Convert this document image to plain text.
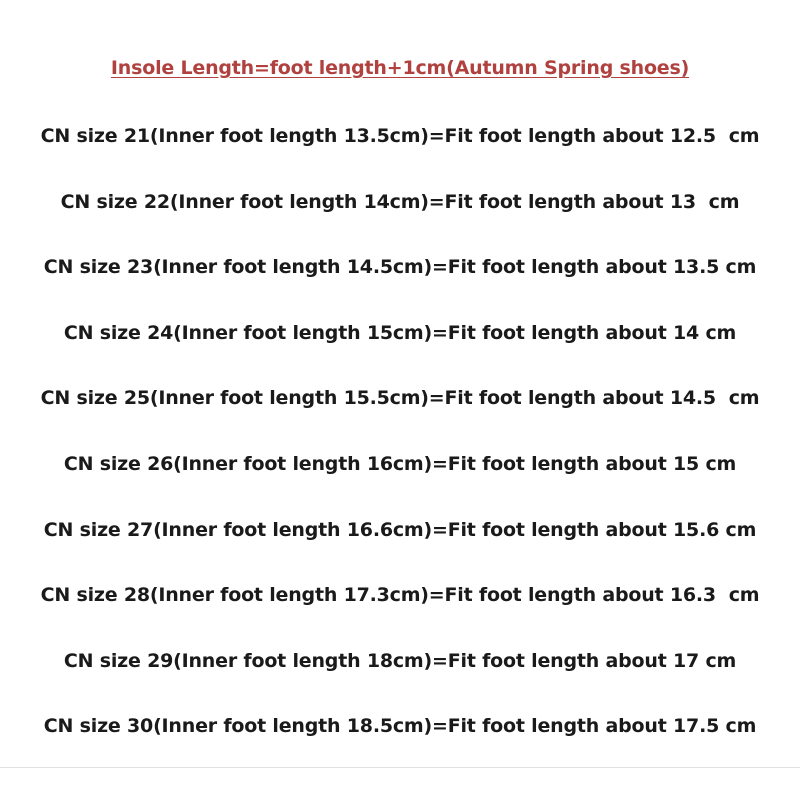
Insole Length=foot length+1cm(Autumn Spring shoes)
CN size 21(Inner foot length 13.5cm)=Fit foot length about 12.5  cm
CN size 22(Inner foot length 14cm)=Fit foot length about 13  cm
CN size 23(Inner foot length 14.5cm)=Fit foot length about 13.5 cm
CN size 24(Inner foot length 15cm)=Fit foot length about 14 cm
CN size 25(Inner foot length 15.5cm)=Fit foot length about 14.5  cm
CN size 26(Inner foot length 16cm)=Fit foot length about 15 cm
CN size 27(Inner foot length 16.6cm)=Fit foot length about 15.6 cm
CN size 28(Inner foot length 17.3cm)=Fit foot length about 16.3  cm
CN size 29(Inner foot length 18cm)=Fit foot length about 17 cm
CN size 30(Inner foot length 18.5cm)=Fit foot length about 17.5 cm
